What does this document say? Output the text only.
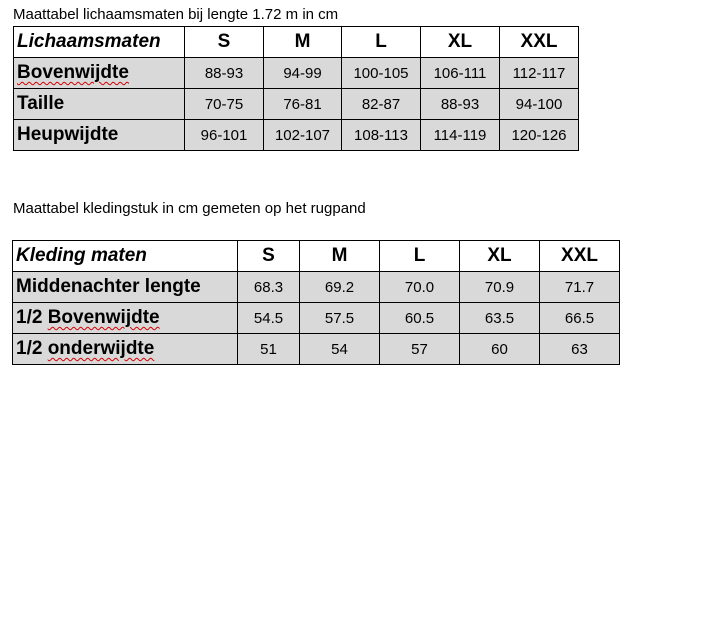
Maattabel lichaamsmaten bij lengte 1.72 m in cm
Lichaamsmaten	S	M	L	XL	XXL
Bovenwijdte	88-93	94-99	100-105	106-111	112-117
Taille	70-75	76-81	82-87	88-93	94-100
Heupwijdte	96-101	102-107	108-113	114-119	120-126
Maattabel kledingstuk in cm gemeten op het rugpand
Kleding maten	S	M	L	XL	XXL
Middenachter lengte	68.3	69.2	70.0	70.9	71.7
1/2 Bovenwijdte	54.5	57.5	60.5	63.5	66.5
1/2 onderwijdte	51	54	57	60	63
